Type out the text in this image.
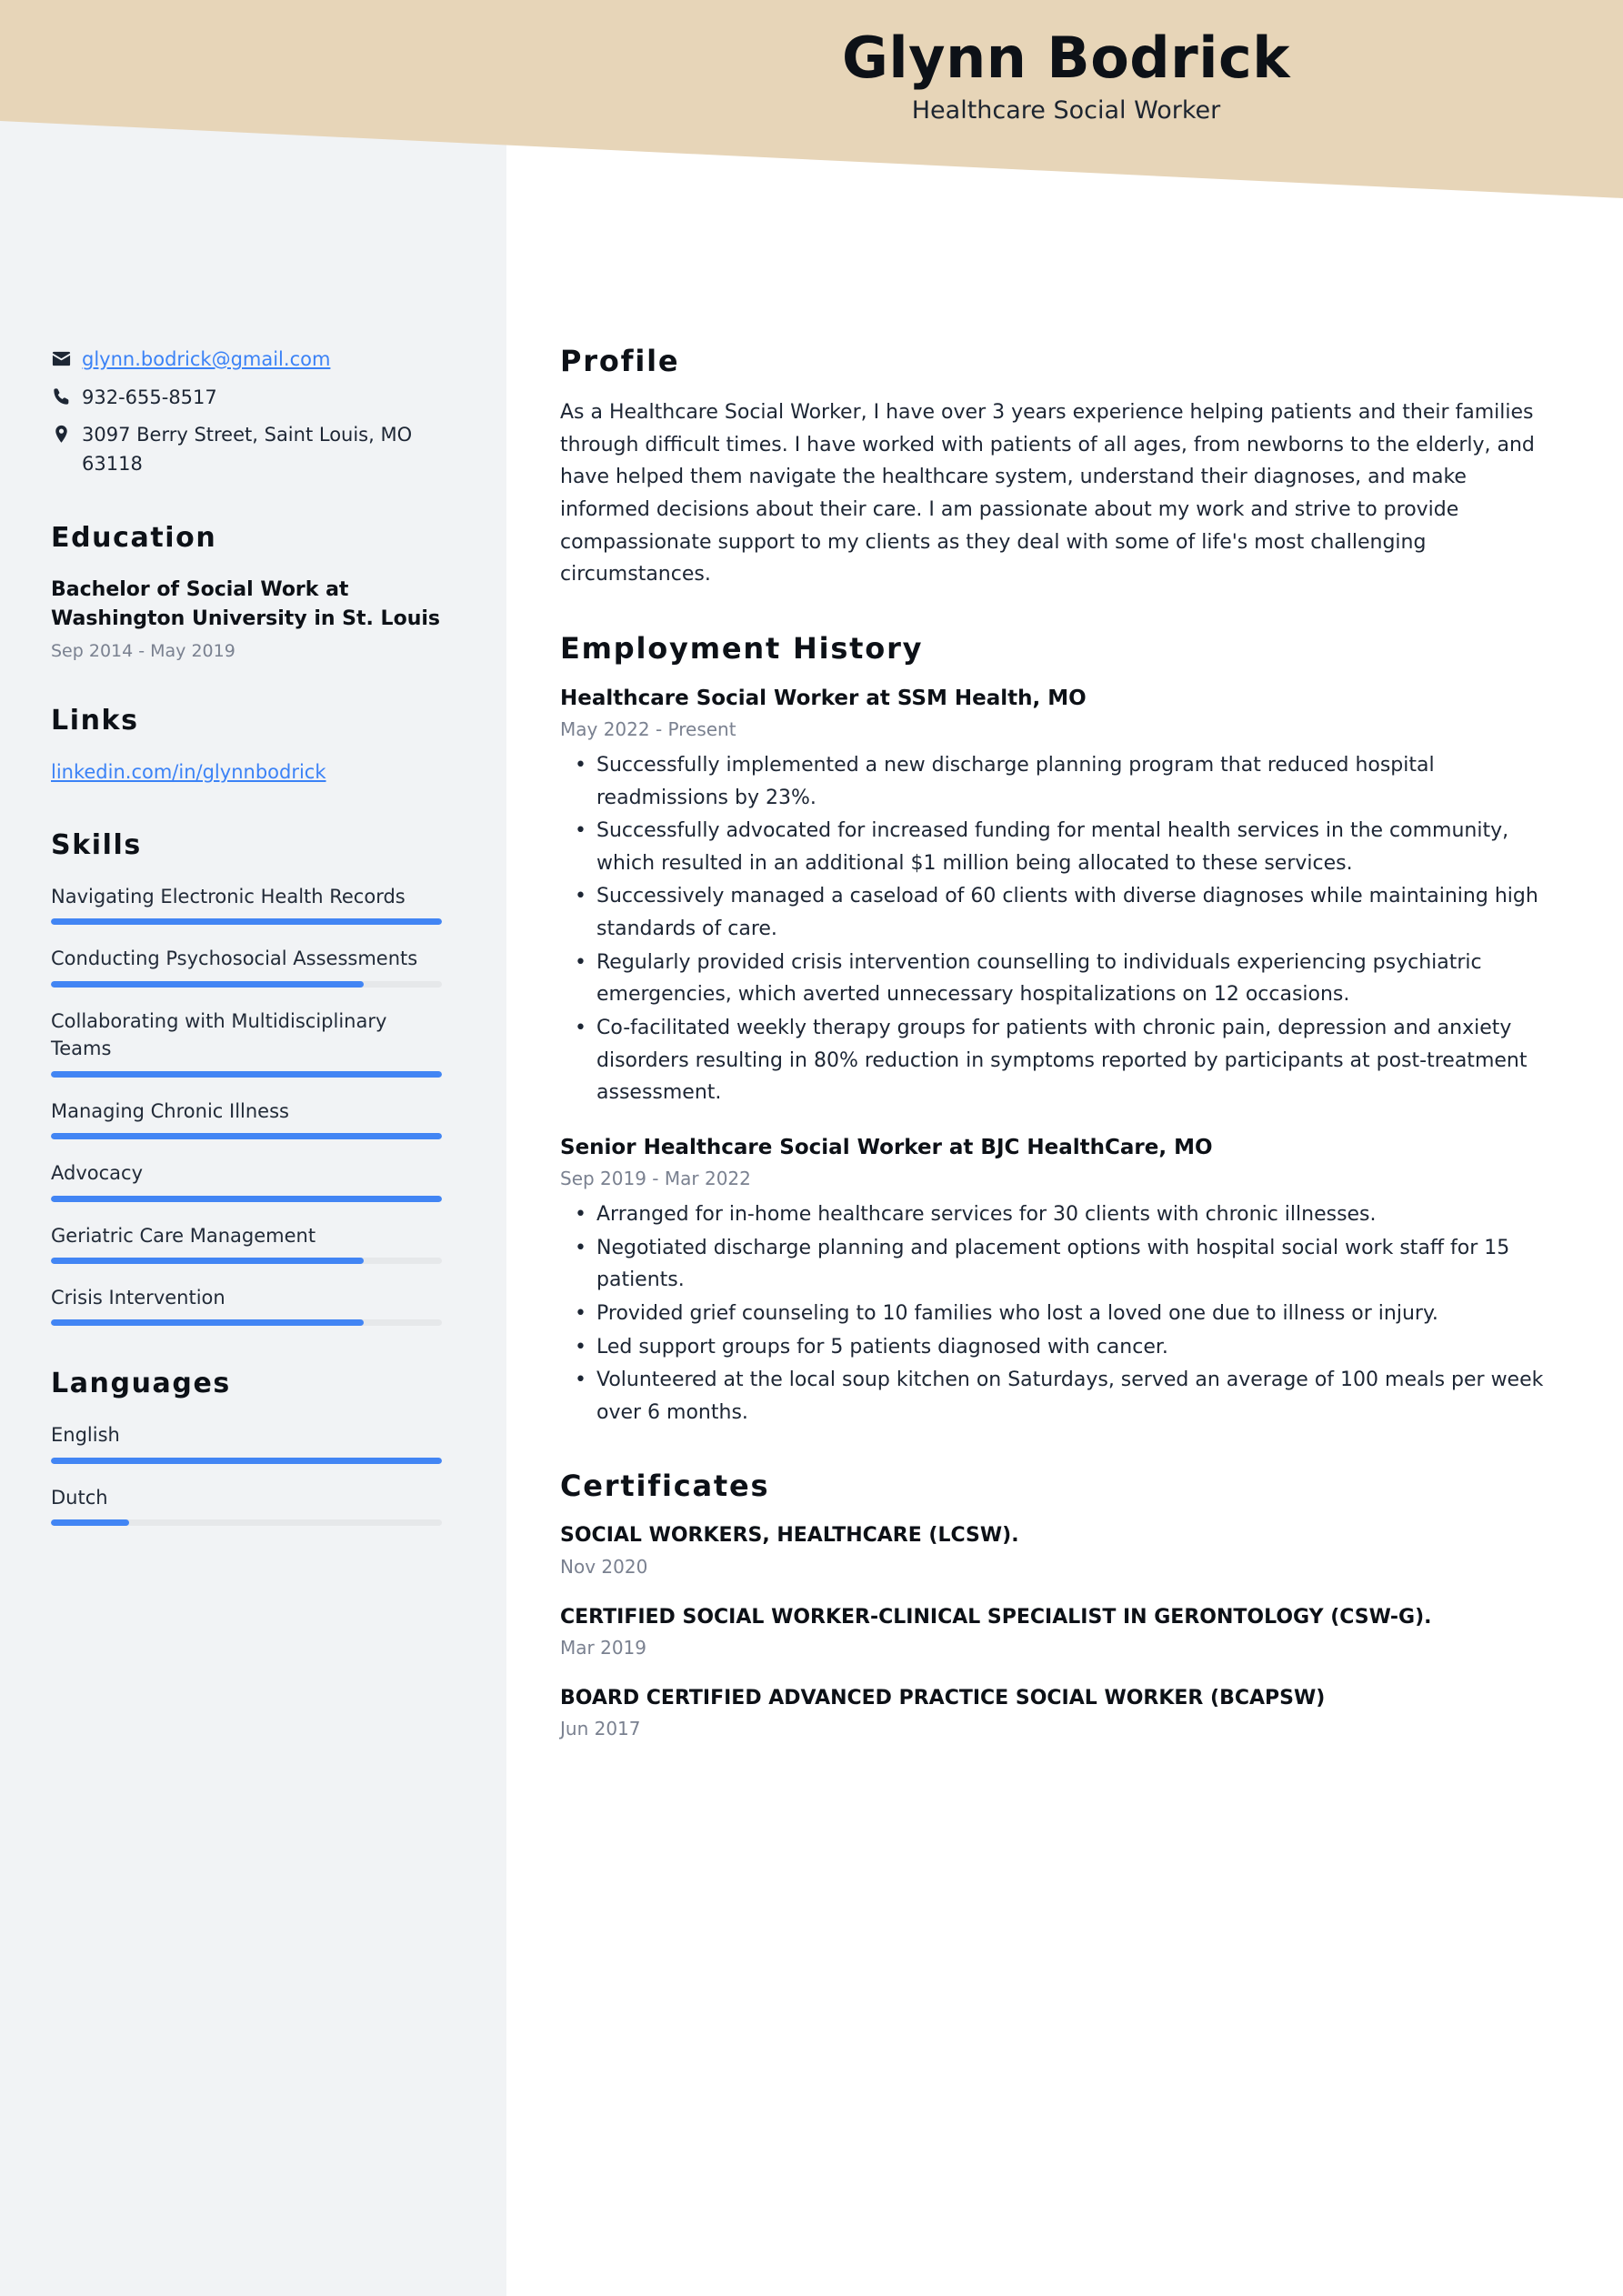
Glynn Bodrick
Healthcare Social Worker
glynn.bodrick@gmail.com
932-655-8517
3097 Berry Street, Saint Louis, MO 63118
Education
Bachelor of Social Work at Washington University in St. Louis
Sep 2014 - May 2019
Links
linkedin.com/in/glynnbodrick
Skills
Navigating Electronic Health Records
Conducting Psychosocial Assessments
Collaborating with Multidisciplinary Teams
Managing Chronic Illness
Advocacy
Geriatric Care Management
Crisis Intervention
Languages
English
Dutch
Profile
As a Healthcare Social Worker, I have over 3 years experience helping patients and their families through difficult times. I have worked with patients of all ages, from newborns to the elderly, and have helped them navigate the healthcare system, understand their diagnoses, and make informed decisions about their care. I am passionate about my work and strive to provide compassionate support to my clients as they deal with some of life's most challenging circumstances.
Employment History
Healthcare Social Worker at SSM Health, MO
May 2022 - Present
• Successfully implemented a new discharge planning program that reduced hospital readmissions by 23%.
• Successfully advocated for increased funding for mental health services in the community, which resulted in an additional $1 million being allocated to these services.
• Successively managed a caseload of 60 clients with diverse diagnoses while maintaining high standards of care.
• Regularly provided crisis intervention counselling to individuals experiencing psychiatric emergencies, which averted unnecessary hospitalizations on 12 occasions.
• Co-facilitated weekly therapy groups for patients with chronic pain, depression and anxiety disorders resulting in 80% reduction in symptoms reported by participants at post-treatment assessment.
Senior Healthcare Social Worker at BJC HealthCare, MO
Sep 2019 - Mar 2022
• Arranged for in-home healthcare services for 30 clients with chronic illnesses.
• Negotiated discharge planning and placement options with hospital social work staff for 15 patients.
• Provided grief counseling to 10 families who lost a loved one due to illness or injury.
• Led support groups for 5 patients diagnosed with cancer.
• Volunteered at the local soup kitchen on Saturdays, served an average of 100 meals per week over 6 months.
Certificates
SOCIAL WORKERS, HEALTHCARE (LCSW).
Nov 2020
CERTIFIED SOCIAL WORKER-CLINICAL SPECIALIST IN GERONTOLOGY (CSW-G).
Mar 2019
BOARD CERTIFIED ADVANCED PRACTICE SOCIAL WORKER (BCAPSW)
Jun 2017
